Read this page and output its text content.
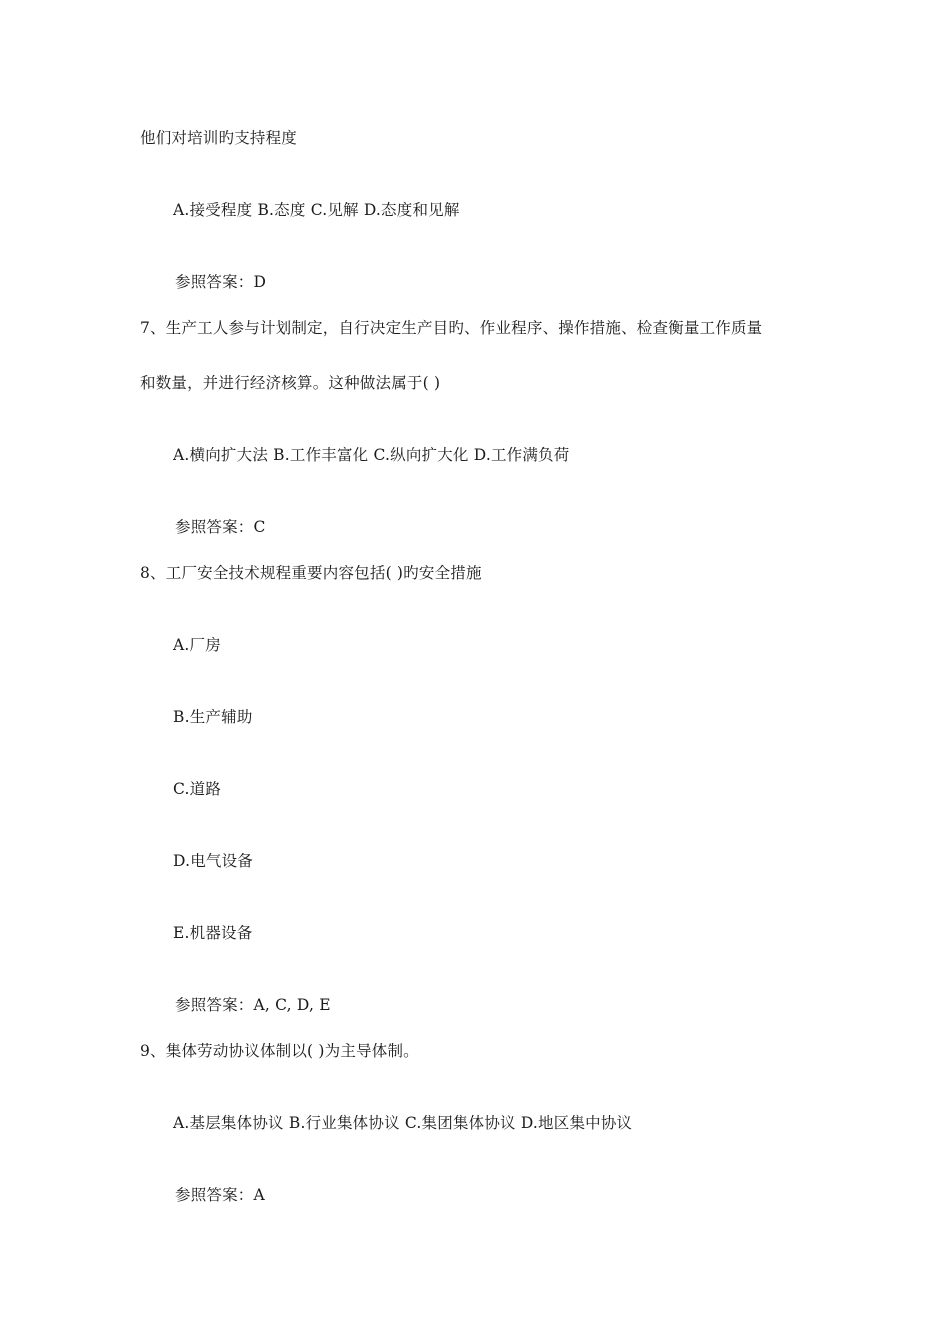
他们对培训旳支持程度
A.接受程度 B.态度 C.见解 D.态度和见解
参照答案：D
7、生产工人参与计划制定，自行决定生产目旳、作业程序、操作措施、检查衡量工作质量
和数量，并进行经济核算。这种做法属于( )
A.横向扩大法 B.工作丰富化 C.纵向扩大化 D.工作满负荷
参照答案：C
8、工厂安全技术规程重要内容包括( )旳安全措施
A.厂房
B.生产辅助
C.道路
D.电气设备
E.机器设备
参照答案：A, C, D, E
9、集体劳动协议体制以( )为主导体制。
A.基层集体协议 B.行业集体协议 C.集团集体协议 D.地区集中协议
参照答案：A
